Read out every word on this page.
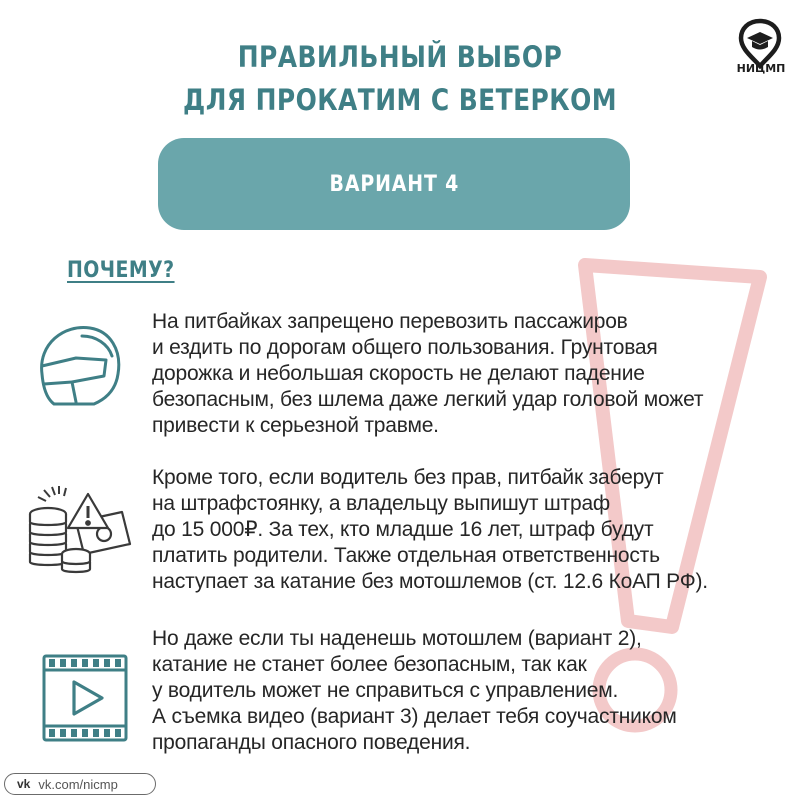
ПРАВИЛЬНЫЙ ВЫБОР
ДЛЯ ПРОКАТИМ С ВЕТЕРКОМ
НИЦМП
ВАРИАНТ 4
ПОЧЕМУ?

На питбайках запрещено перевозить пассажиров
и ездить по дорогам общего пользования. Грунтовая
дорожка и небольшая скорость не делают падение
безопасным, без шлема даже легкий удар головой может
привести к серьезной травме.

Кроме того, если водитель без прав, питбайк заберут
на штрафстоянку, а владельцу выпишут штраф
до 15 000₽. За тех, кто младше 16 лет, штраф будут
платить родители. Также отдельная ответственность
наступает за катание без мотошлемов (ст. 12.6 КоАП РФ).

Но даже если ты наденешь мотошлем (вариант 2),
катание не станет более безопасным, так как
у водитель может не справиться с управлением.
А съемка видео (вариант 3) делает тебя соучастником
пропаганды опасного поведения.

vk vk.com/nicmp
